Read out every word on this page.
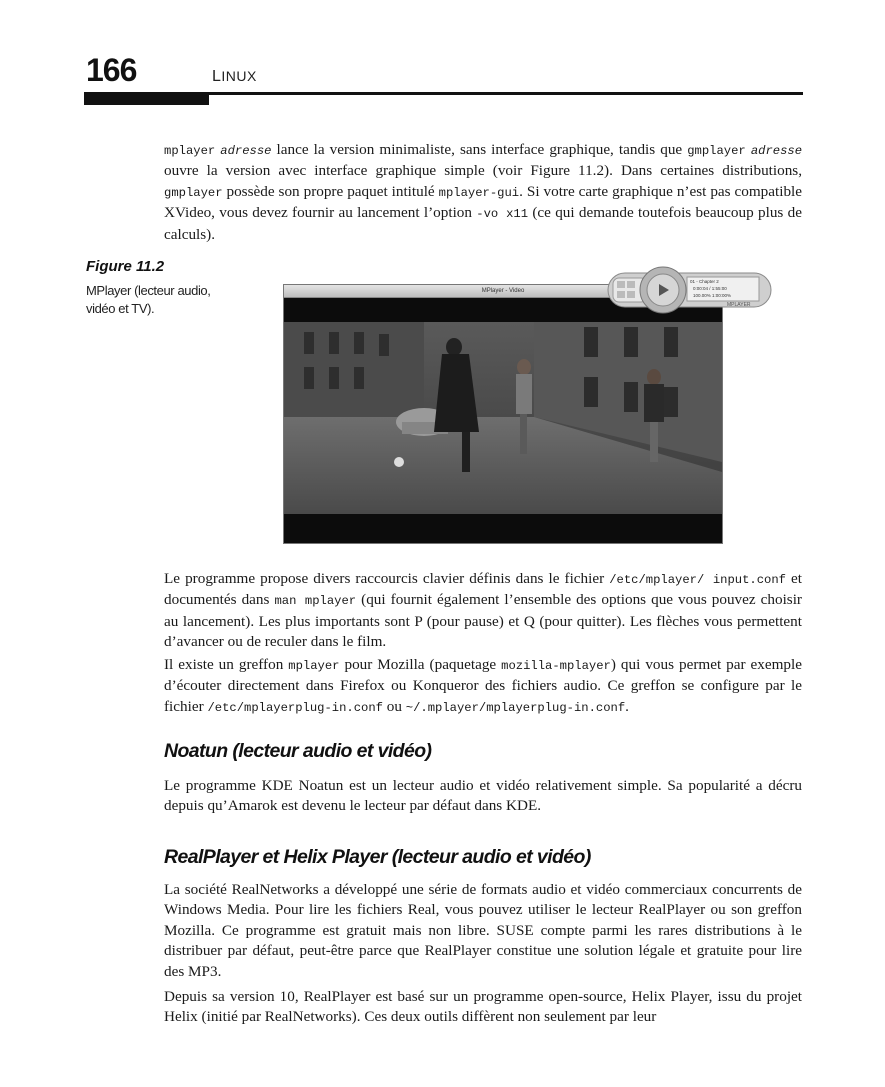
166	LINUX

mplayer adresse lance la version minimaliste, sans interface graphique, tandis que gmplayer adresse ouvre la version avec interface graphique simple (voir Figure 11.2). Dans certaines distributions, gmplayer possède son propre paquet intitulé mplayer-gui. Si votre carte graphique n’est pas compatible XVideo, vous devez fournir au lancement l’option -vo x11 (ce qui demande toutefois beaucoup plus de calculs).

Figure 11.2
MPlayer (lecteur audio, vidéo et TV).
MPlayer - Video
01 - Chapter 2
0:00:04 / 1:55:00
100.00% 1:00:00%
MPLAYER

Le programme propose divers raccourcis clavier définis dans le fichier /etc/mplayer/ input.conf et documentés dans man mplayer (qui fournit également l’ensemble des options que vous pouvez choisir au lancement). Les plus importants sont P (pour pause) et Q (pour quitter). Les flèches vous permettent d’avancer ou de reculer dans le film.

Il existe un greffon mplayer pour Mozilla (paquetage mozilla-mplayer) qui vous permet par exemple d’écouter directement dans Firefox ou Konqueror des fichiers audio. Ce greffon se configure par le fichier /etc/mplayerplug-in.conf ou ~/.mplayer/mplayerplug-in.conf.

Noatun (lecteur audio et vidéo)

Le programme KDE Noatun est un lecteur audio et vidéo relativement simple. Sa popularité a décru depuis qu’Amarok est devenu le lecteur par défaut dans KDE.

RealPlayer et Helix Player (lecteur audio et vidéo)

La société RealNetworks a développé une série de formats audio et vidéo commerciaux concurrents de Windows Media. Pour lire les fichiers Real, vous pouvez utiliser le lecteur RealPlayer ou son greffon Mozilla. Ce programme est gratuit mais non libre. SUSE compte parmi les rares distributions à le distribuer par défaut, peut-être parce que RealPlayer constitue une solution légale et gratuite pour lire des MP3.

Depuis sa version 10, RealPlayer est basé sur un programme open-source, Helix Player, issu du projet Helix (initié par RealNetworks). Ces deux outils diffèrent non seulement par leur
